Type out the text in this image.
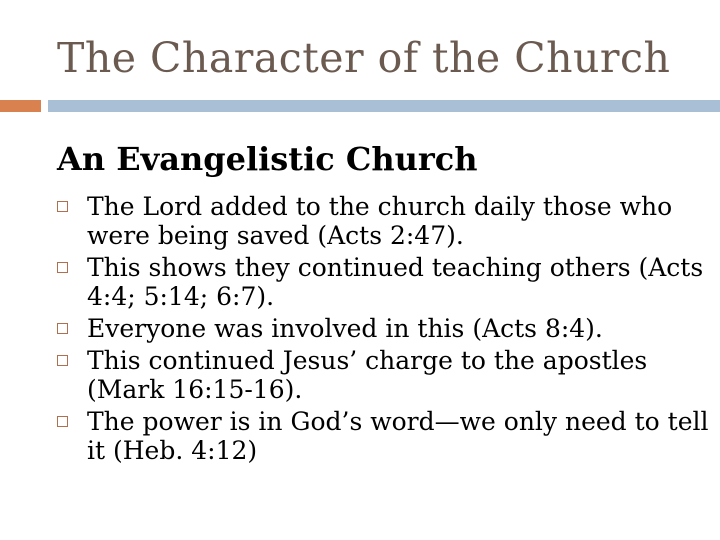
The Character of the Church
An Evangelistic Church
The Lord added to the church daily those who were being saved (Acts 2:47).
This shows they continued teaching others (Acts 4:4; 5:14; 6:7).
Everyone was involved in this (Acts 8:4).
This continued Jesus’ charge to the apostles (Mark 16:15-16).
The power is in God’s word—we only need to tell it (Heb. 4:12)
